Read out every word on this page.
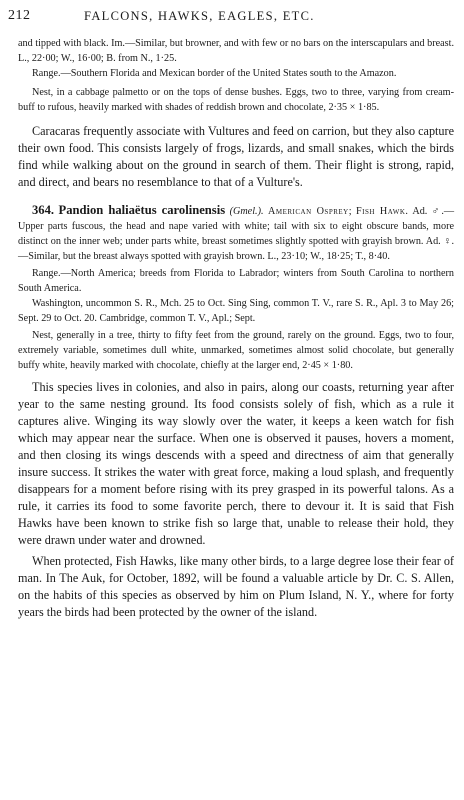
212	FALCONS, HAWKS, EAGLES, ETC.

and tipped with black. Im.—Similar, but browner, and with few or no bars on the interscapulars and breast. L., 22·00; W., 16·00; B. from N., 1·25.

Range.—Southern Florida and Mexican border of the United States south to the Amazon.

Nest, in a cabbage palmetto or on the tops of dense bushes. Eggs, two to three, varying from cream-buff to rufous, heavily marked with shades of reddish brown and chocolate, 2·35 × 1·85.

Caracaras frequently associate with Vultures and feed on carrion, but they also capture their own food. This consists largely of frogs, lizards, and small snakes, which the birds find while walking about on the ground in search of them. Their flight is strong, rapid, and direct, and bears no resemblance to that of a Vulture's.

364. Pandion haliaëtus carolinensis (Gmel.). American Osprey; Fish Hawk. Ad. ♂.—Upper parts fuscous, the head and nape varied with white; tail with six to eight obscure bands, more distinct on the inner web; under parts white, breast sometimes slightly spotted with grayish brown. Ad. ♀.—Similar, but the breast always spotted with grayish brown. L., 23·10; W., 18·25; T., 8·40.

Range.—North America; breeds from Florida to Labrador; winters from South Carolina to northern South America.

Washington, uncommon S. R., Mch. 25 to Oct. Sing Sing, common T. V., rare S. R., Apl. 3 to May 26; Sept. 29 to Oct. 20. Cambridge, common T. V., Apl.; Sept.

Nest, generally in a tree, thirty to fifty feet from the ground, rarely on the ground. Eggs, two to four, extremely variable, sometimes dull white, unmarked, sometimes almost solid chocolate, but generally buffy white, heavily marked with chocolate, chiefly at the larger end, 2·45 × 1·80.

This species lives in colonies, and also in pairs, along our coasts, returning year after year to the same nesting ground. Its food consists solely of fish, which as a rule it captures alive. Winging its way slowly over the water, it keeps a keen watch for fish which may appear near the surface. When one is observed it pauses, hovers a moment, and then closing its wings descends with a speed and directness of aim that generally insure success. It strikes the water with great force, making a loud splash, and frequently disappears for a moment before rising with its prey grasped in its powerful talons. As a rule, it carries its food to some favorite perch, there to devour it. It is said that Fish Hawks have been known to strike fish so large that, unable to release their hold, they were drawn under water and drowned.

When protected, Fish Hawks, like many other birds, to a large degree lose their fear of man. In The Auk, for October, 1892, will be found a valuable article by Dr. C. S. Allen, on the habits of this species as observed by him on Plum Island, N. Y., where for forty years the birds had been protected by the owner of the island.
